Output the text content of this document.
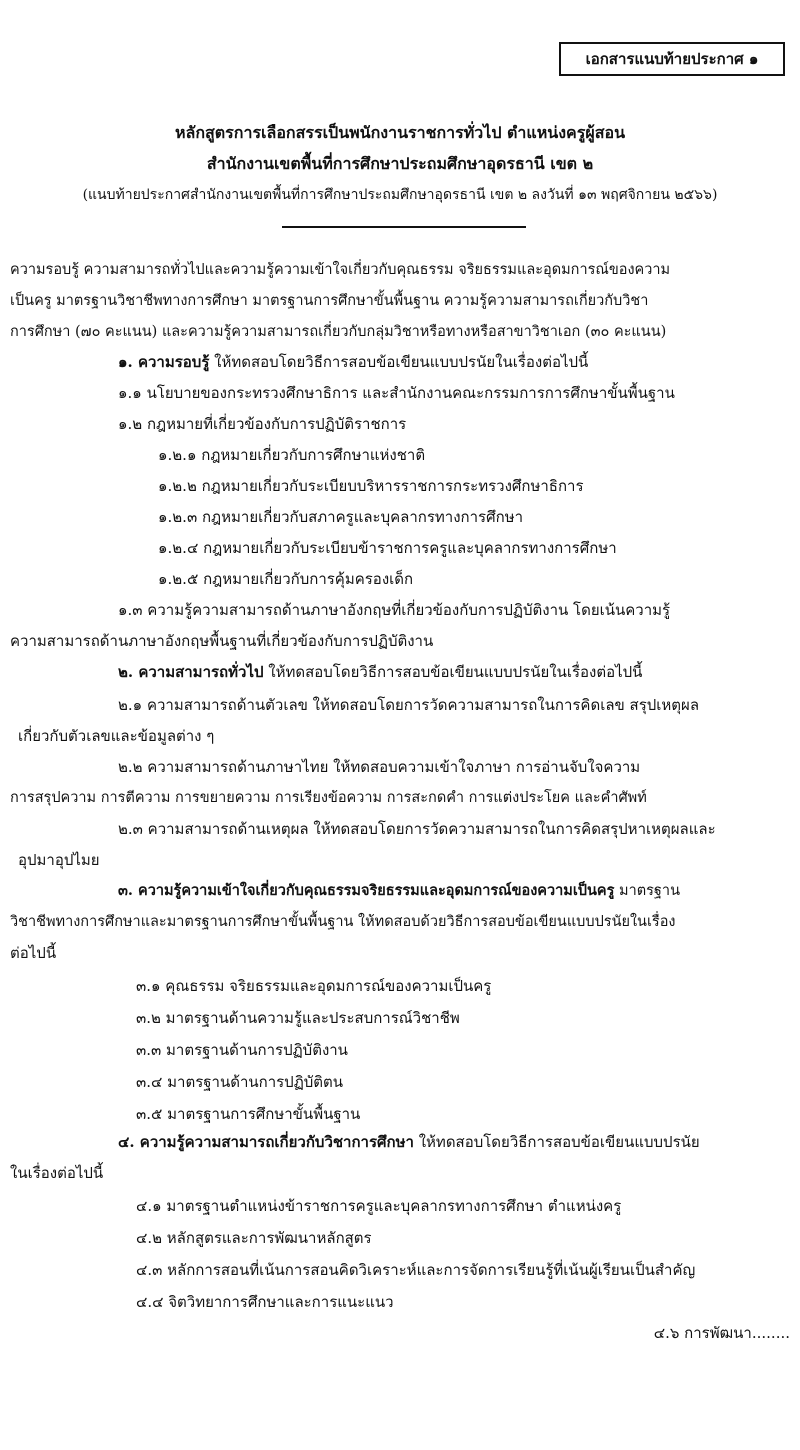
เอกสารแนบท้ายประกาศ ๑
หลักสูตรการเลือกสรรเป็นพนักงานราชการทั่วไป ตำแหน่งครูผู้สอน
สำนักงานเขตพื้นที่การศึกษาประถมศึกษาอุดรธานี เขต ๒
(แนบท้ายประกาศสำนักงานเขตพื้นที่การศึกษาประถมศึกษาอุดรธานี เขต ๒ ลงวันที่ ๑๓ พฤศจิกายน ๒๕๖๖)
ความรอบรู้ ความสามารถทั่วไปและความรู้ความเข้าใจเกี่ยวกับคุณธรรม จริยธรรมและอุดมการณ์ของความ
เป็นครู มาตรฐานวิชาชีพทางการศึกษา มาตรฐานการศึกษาขั้นพื้นฐาน ความรู้ความสามารถเกี่ยวกับวิชา
การศึกษา (๗๐ คะแนน) และความรู้ความสามารถเกี่ยวกับกลุ่มวิชาหรือทางหรือสาขาวิชาเอก (๓๐ คะแนน)
๑. ความรอบรู้ ให้ทดสอบโดยวิธีการสอบข้อเขียนแบบปรนัยในเรื่องต่อไปนี้
๑.๑ นโยบายของกระทรวงศึกษาธิการ และสำนักงานคณะกรรมการการศึกษาขั้นพื้นฐาน
๑.๒ กฎหมายที่เกี่ยวข้องกับการปฏิบัติราชการ
๑.๒.๑ กฎหมายเกี่ยวกับการศึกษาแห่งชาติ
๑.๒.๒ กฎหมายเกี่ยวกับระเบียบบริหารราชการกระทรวงศึกษาธิการ
๑.๒.๓ กฎหมายเกี่ยวกับสภาครูและบุคลากรทางการศึกษา
๑.๒.๔ กฎหมายเกี่ยวกับระเบียบข้าราชการครูและบุคลากรทางการศึกษา
๑.๒.๕ กฎหมายเกี่ยวกับการคุ้มครองเด็ก
๑.๓ ความรู้ความสามารถด้านภาษาอังกฤษที่เกี่ยวข้องกับการปฏิบัติงาน โดยเน้นความรู้
ความสามารถด้านภาษาอังกฤษพื้นฐานที่เกี่ยวข้องกับการปฏิบัติงาน
๒. ความสามารถทั่วไป ให้ทดสอบโดยวิธีการสอบข้อเขียนแบบปรนัยในเรื่องต่อไปนี้
๒.๑ ความสามารถด้านตัวเลข ให้ทดสอบโดยการวัดความสามารถในการคิดเลข สรุปเหตุผล
เกี่ยวกับตัวเลขและข้อมูลต่าง ๆ
๒.๒ ความสามารถด้านภาษาไทย ให้ทดสอบความเข้าใจภาษา การอ่านจับใจความ
การสรุปความ การตีความ การขยายความ การเรียงข้อความ การสะกดคำ การแต่งประโยค และคำศัพท์
๒.๓ ความสามารถด้านเหตุผล ให้ทดสอบโดยการวัดความสามารถในการคิดสรุปหาเหตุผลและ
อุปมาอุปไมย
๓. ความรู้ความเข้าใจเกี่ยวกับคุณธรรมจริยธรรมและอุดมการณ์ของความเป็นครู มาตรฐาน
วิชาชีพทางการศึกษาและมาตรฐานการศึกษาขั้นพื้นฐาน ให้ทดสอบด้วยวิธีการสอบข้อเขียนแบบปรนัยในเรื่อง
ต่อไปนี้
๓.๑ คุณธรรม จริยธรรมและอุดมการณ์ของความเป็นครู
๓.๒ มาตรฐานด้านความรู้และประสบการณ์วิชาชีพ
๓.๓ มาตรฐานด้านการปฏิบัติงาน
๓.๔ มาตรฐานด้านการปฏิบัติตน
๓.๕ มาตรฐานการศึกษาขั้นพื้นฐาน
๔. ความรู้ความสามารถเกี่ยวกับวิชาการศึกษา ให้ทดสอบโดยวิธีการสอบข้อเขียนแบบปรนัย
ในเรื่องต่อไปนี้
๔.๑ มาตรฐานตำแหน่งข้าราชการครูและบุคลากรทางการศึกษา ตำแหน่งครู
๔.๒ หลักสูตรและการพัฒนาหลักสูตร
๔.๓ หลักการสอนที่เน้นการสอนคิดวิเคราะห์และการจัดการเรียนรู้ที่เน้นผู้เรียนเป็นสำคัญ
๔.๔ จิตวิทยาการศึกษาและการแนะแนว
๔.๖ การพัฒนา........
